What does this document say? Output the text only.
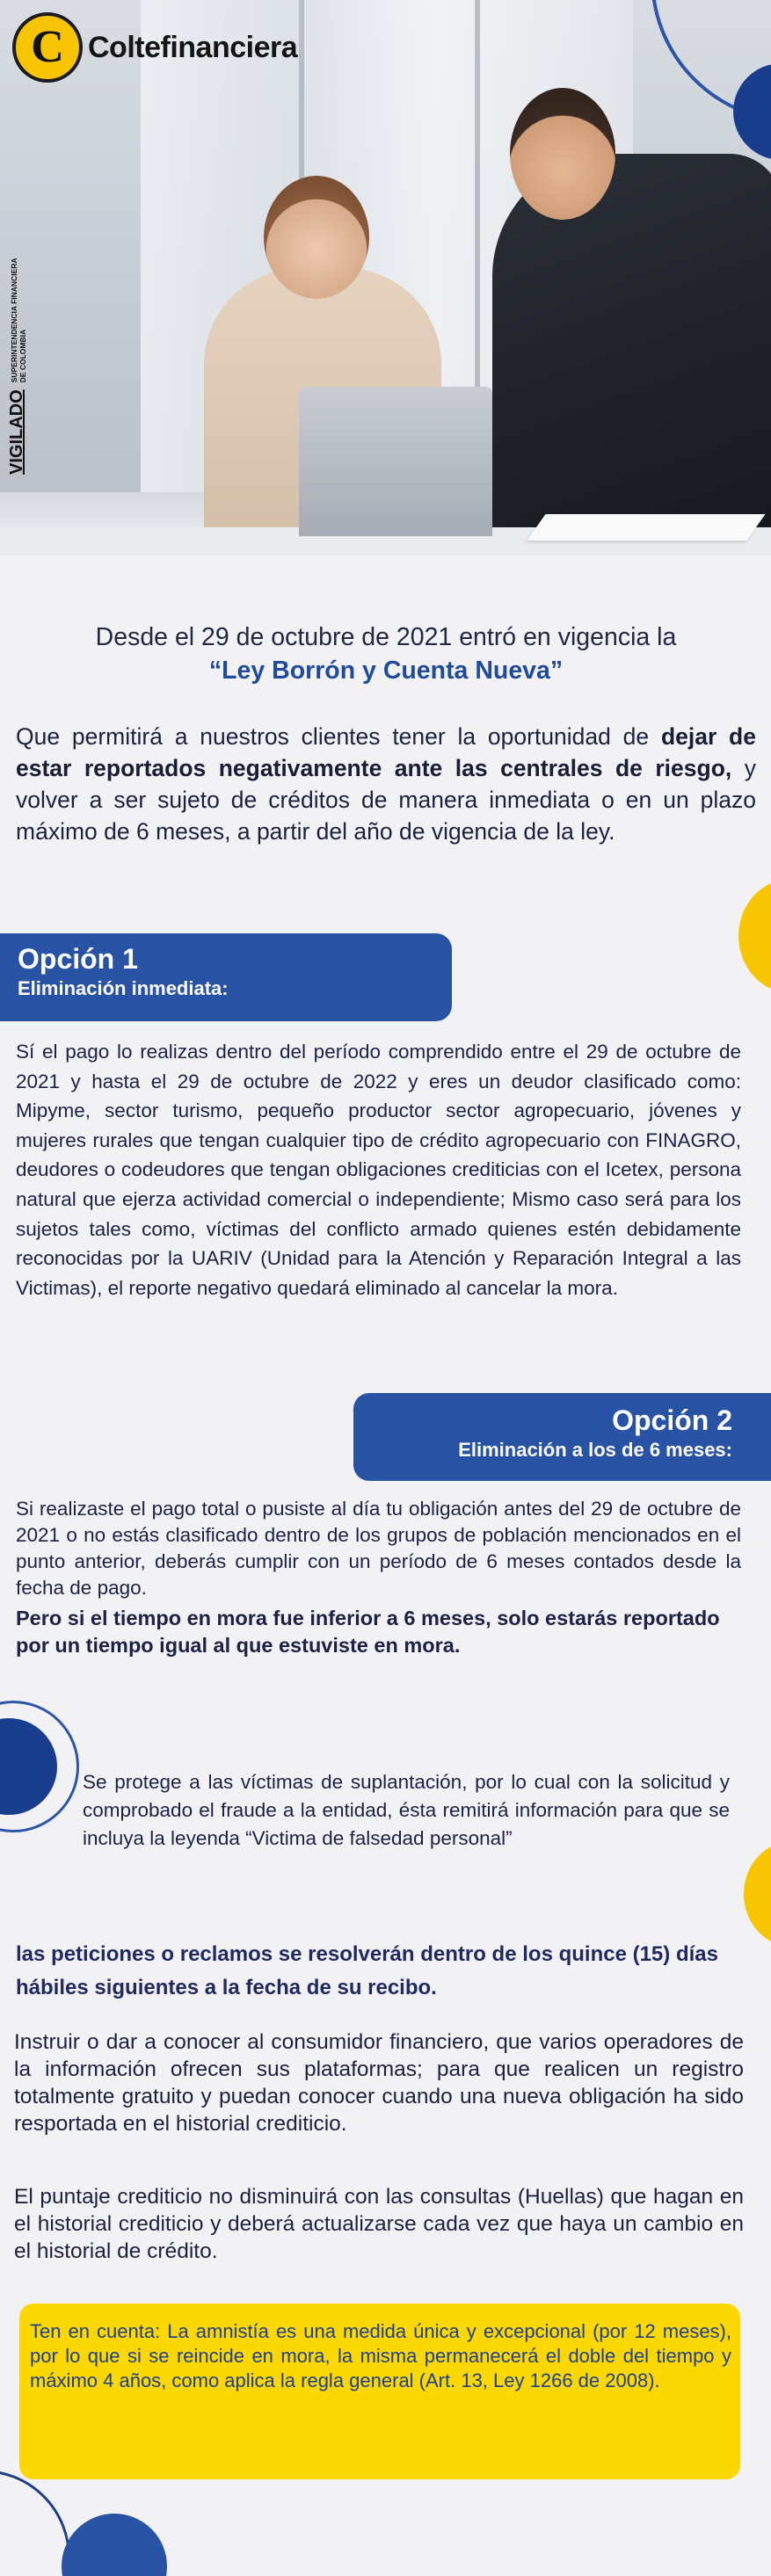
C Coltefinanciera
VIGILADO
SUPERINTENDENCIA FINANCIERA DE COLOMBIA
Desde el 29 de octubre de 2021 entró en vigencia la
“Ley Borrón y Cuenta Nueva”
Que permitirá a nuestros clientes tener la oportunidad de dejar de estar reportados negativamente ante las centrales de riesgo, y volver a ser sujeto de créditos de manera inmediata o en un plazo máximo de 6 meses, a partir del año de vigencia de la ley.
Opción 1
Eliminación inmediata:
Sí el pago lo realizas dentro del período comprendido entre el 29 de octubre de 2021 y hasta el 29 de octubre de 2022 y eres un deudor clasificado como: Mipyme, sector turismo, pequeño productor sector agropecuario, jóvenes y mujeres rurales que tengan cualquier tipo de crédito agropecuario con FINAGRO, deudores o codeudores que tengan obligaciones crediticias con el Icetex, persona natural que ejerza actividad comercial o independiente; Mismo caso será para los sujetos tales como, víctimas del conflicto armado quienes estén debidamente reconocidas por la UARIV (Unidad para la Atención y Reparación Integral a las Victimas), el reporte negativo quedará eliminado al cancelar la mora.
Opción 2
Eliminación a los de 6 meses:
Si realizaste el pago total o pusiste al día tu obligación antes del 29 de octubre de 2021 o no estás clasificado dentro de los grupos de población mencionados en el punto anterior, deberás cumplir con un período de 6 meses contados desde la fecha de pago.
Pero si el tiempo en mora fue inferior a 6 meses, solo estarás reportado por un tiempo igual al que estuviste en mora.
Se protege a las víctimas de suplantación, por lo cual con la solicitud y comprobado el fraude a la entidad, ésta remitirá información para que se incluya la leyenda “Victima de falsedad personal”
las peticiones o reclamos se resolverán dentro de los quince (15) días hábiles siguientes a la fecha de su recibo.
Instruir o dar a conocer al consumidor financiero, que varios operadores de la información ofrecen sus plataformas; para que realicen un registro totalmente gratuito y puedan conocer cuando una nueva obligación ha sido resportada en el historial crediticio.
El puntaje crediticio no disminuirá con las consultas (Huellas) que hagan en el historial crediticio y deberá actualizarse cada vez que haya un cambio en el historial de crédito.

Ten en cuenta: La amnistía es una medida única y excepcional (por 12 meses), por lo que si se reincide en mora, la misma permanecerá el doble del tiempo y máximo 4 años, como aplica la regla general (Art. 13, Ley 1266 de 2008).
